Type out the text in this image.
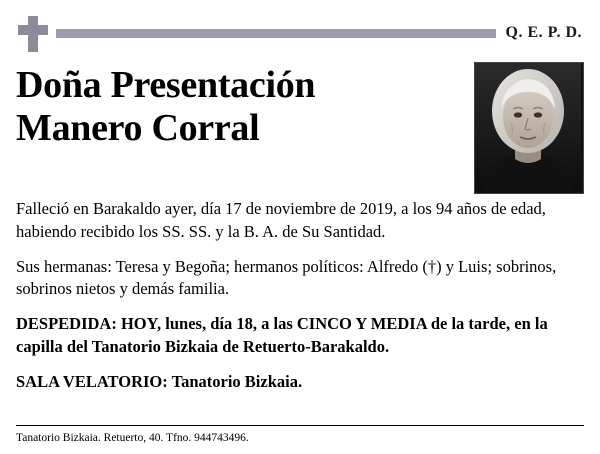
Q. E. P. D.
Doña Presentación
Manero Corral

Falleció en Barakaldo ayer, día 17 de noviembre de 2019, a los 94 años de edad, habiendo recibido los SS. SS. y la B. A. de Su Santidad.

Sus hermanas: Teresa y Begoña; hermanos políticos: Alfredo (†) y Luis; sobrinos, sobrinos nietos y demás familia.

DESPEDIDA: HOY, lunes, día 18, a las CINCO Y MEDIA de la tarde, en la capilla del Tanatorio Bizkaia de Retuerto-Barakaldo.

SALA VELATORIO: Tanatorio Bizkaia.

Tanatorio Bizkaia. Retuerto, 40. Tfno. 944743496.
